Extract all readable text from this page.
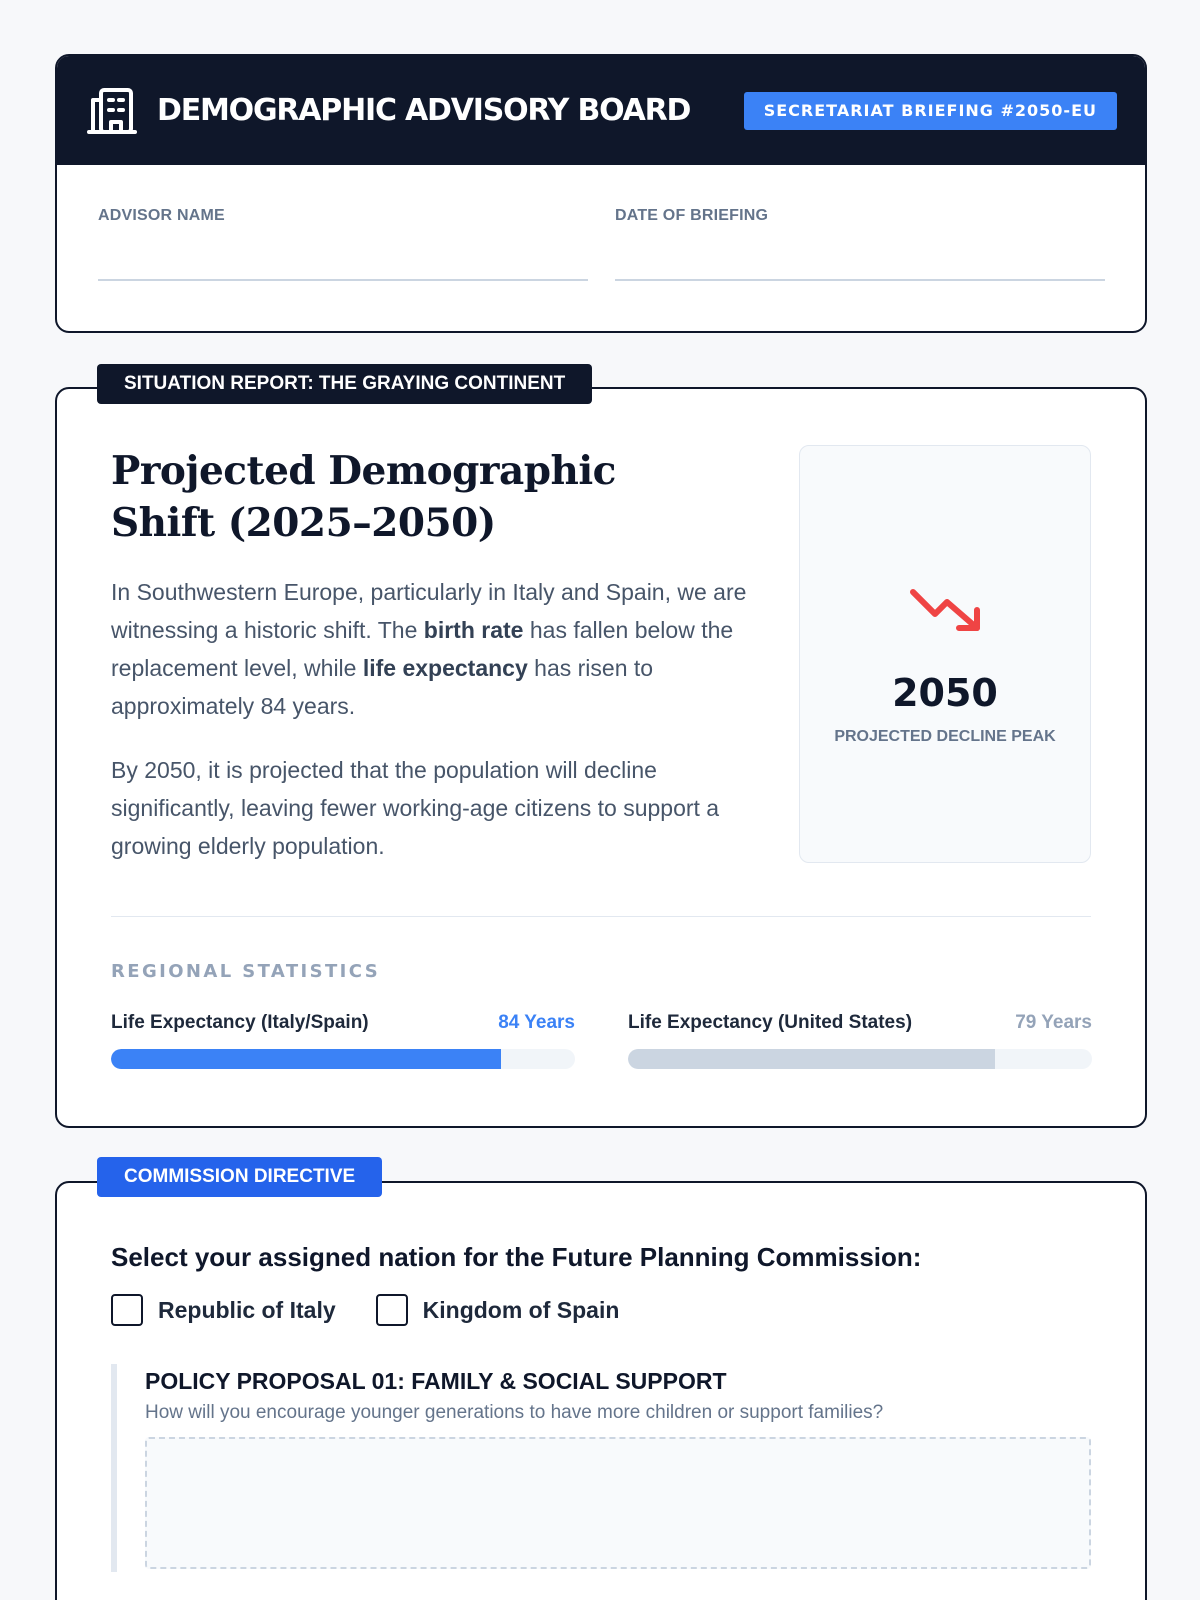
DEMOGRAPHIC ADVISORY BOARD	SECRETARIAT BRIEFING #2050-EU
ADVISOR NAME	DATE OF BRIEFING
SITUATION REPORT: THE GRAYING CONTINENT
Projected Demographic Shift (2025–2050)

In Southwestern Europe, particularly in Italy and Spain, we are witnessing a historic shift. The birth rate has fallen below the replacement level, while life expectancy has risen to approximately 84 years.

By 2050, it is projected that the population will decline significantly, leaving fewer working-age citizens to support a growing elderly population.

2050
PROJECTED DECLINE PEAK
REGIONAL STATISTICS
Life Expectancy (Italy/Spain)	84 Years	Life Expectancy (United States)	79 Years
COMMISSION DIRECTIVE
Select your assigned nation for the Future Planning Commission:
Republic of Italy	Kingdom of Spain
POLICY PROPOSAL 01: FAMILY & SOCIAL SUPPORT
How will you encourage younger generations to have more children or support families?
